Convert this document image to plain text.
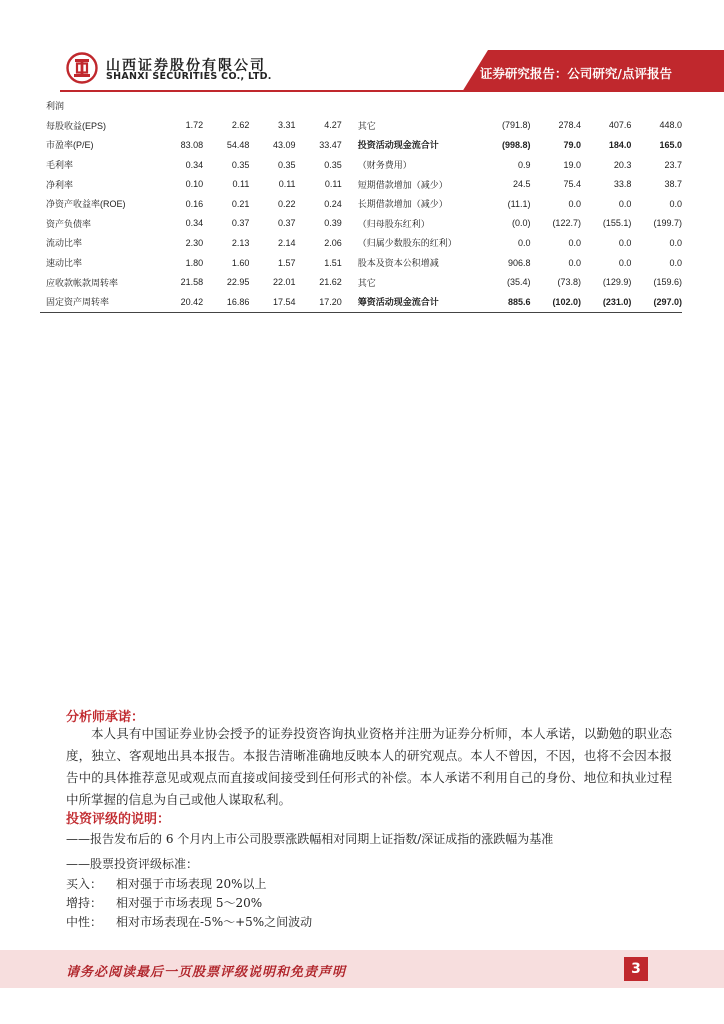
山西证券股份有限公司
SHANXI SECURITIES CO., LTD.	证券研究报告：公司研究/点评报告
利润									
每股收益(EPS)	1.72	2.62	3.31	4.27	其它	(791.8)	278.4	407.6	448.0
市盈率(P/E)	83.08	54.48	43.09	33.47	投资活动现金流合计	(998.8)	79.0	184.0	165.0
毛利率	0.34	0.35	0.35	0.35	（财务费用）	0.9	19.0	20.3	23.7
净利率	0.10	0.11	0.11	0.11	短期借款增加（减少）	24.5	75.4	33.8	38.7
净资产收益率(ROE)	0.16	0.21	0.22	0.24	长期借款增加（减少）	(11.1)	0.0	0.0	0.0
资产负债率	0.34	0.37	0.37	0.39	（归母股东红利）	(0.0)	(122.7)	(155.1)	(199.7)
流动比率	2.30	2.13	2.14	2.06	（归属少数股东的红利）	0.0	0.0	0.0	0.0
速动比率	1.80	1.60	1.57	1.51	股本及资本公积增减	906.8	0.0	0.0	0.0
应收款帐款周转率	21.58	22.95	22.01	21.62	其它	(35.4)	(73.8)	(129.9)	(159.6)
固定资产周转率	20.42	16.86	17.54	17.20	筹资活动现金流合计	885.6	(102.0)	(231.0)	(297.0)
分析师承诺：

本人具有中国证券业协会授予的证券投资咨询执业资格并注册为证券分析师，本人承诺，以勤勉的职业态度，独立、客观地出具本报告。本报告清晰准确地反映本人的研究观点。本人不曾因，不因，也将不会因本报告中的具体推荐意见或观点而直接或间接受到任何形式的补偿。本人承诺不利用自己的身份、地位和执业过程中所掌握的信息为自己或他人谋取私利。

投资评级的说明：
——报告发布后的 6 个月内上市公司股票涨跌幅相对同期上证指数/深证成指的涨跌幅为基准
——股票投资评级标准：
买入： 相对强于市场表现 20%以上
增持： 相对强于市场表现 5～20%
中性： 相对市场表现在-5%～+5%之间波动
请务必阅读最后一页股票评级说明和免责声明	3
